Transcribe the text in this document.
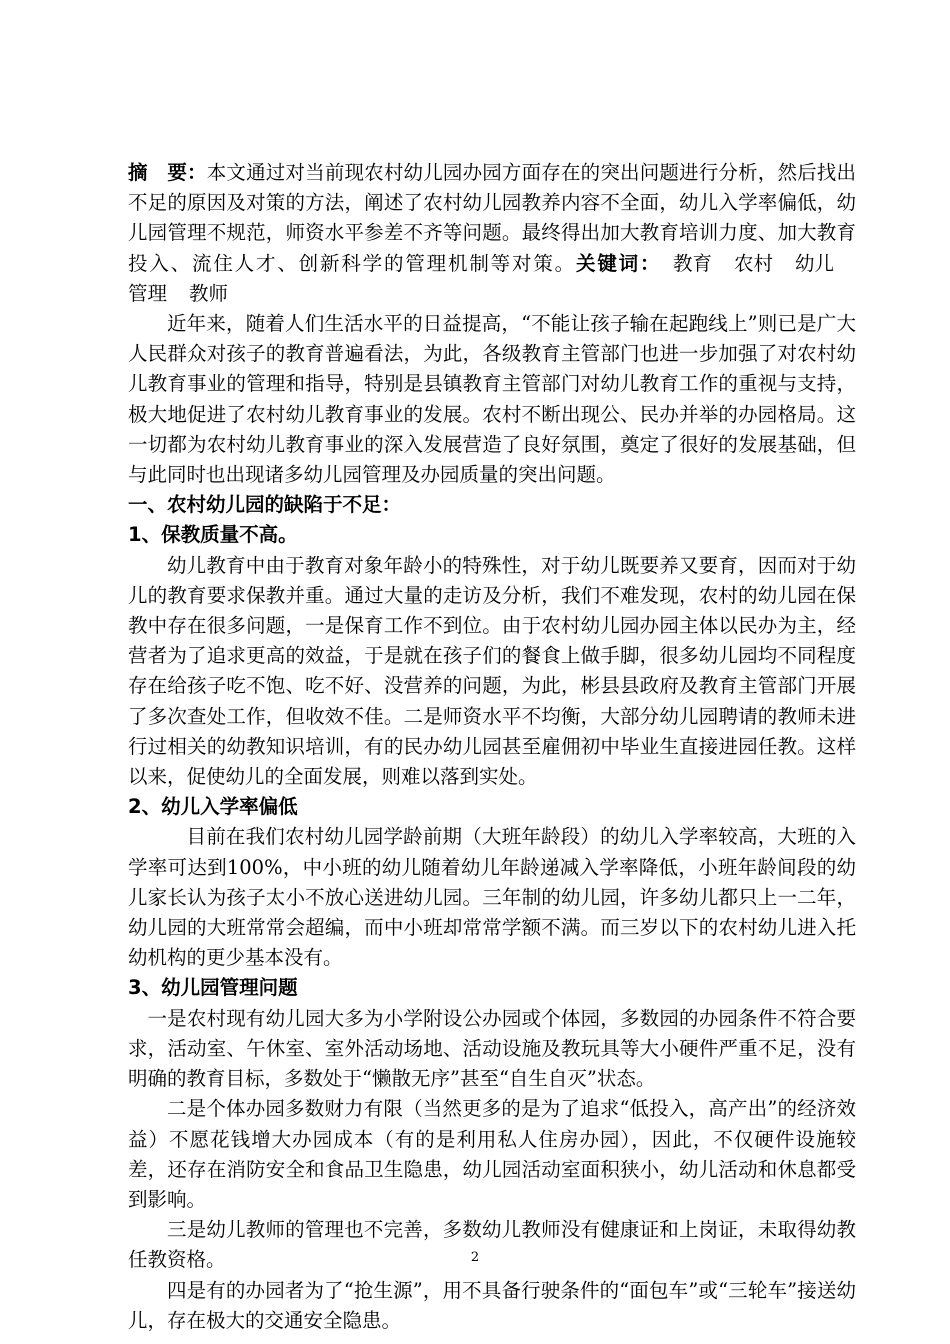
摘　要：本文通过对当前现农村幼儿园办园方面存在的突出问题进行分析，然后找出不足的原因及对策的方法，阐述了农村幼儿园教养内容不全面，幼儿入学率偏低，幼儿园管理不规范，师资水平参差不齐等问题。最终得出加大教育培训力度、加大教育投入、流住人才、创新科学的管理机制等对策。关键词：　 教育 农村 幼儿管理 教师

近年来，随着人们生活水平的日益提高，“不能让孩子输在起跑线上”则已是广大人民群众对孩子的教育普遍看法，为此，各级教育主管部门也进一步加强了对农村幼儿教育事业的管理和指导，特别是县镇教育主管部门对幼儿教育工作的重视与支持，极大地促进了农村幼儿教育事业的发展。农村不断出现公、民办并举的办园格局。这一切都为农村幼儿教育事业的深入发展营造了良好氛围，奠定了很好的发展基础，但与此同时也出现诸多幼儿园管理及办园质量的突出问题。

一、农村幼儿园的缺陷于不足：

1、保教质量不高。

幼儿教育中由于教育对象年龄小的特殊性，对于幼儿既要养又要育，因而对于幼儿的教育要求保教并重。通过大量的走访及分析，我们不难发现，农村的幼儿园在保教中存在很多问题，一是保育工作不到位。由于农村幼儿园办园主体以民办为主，经营者为了追求更高的效益，于是就在孩子们的餐食上做手脚，很多幼儿园均不同程度存在给孩子吃不饱、吃不好、没营养的问题，为此，彬县县政府及教育主管部门开展了多次查处工作，但收效不佳。二是师资水平不均衡，大部分幼儿园聘请的教师未进行过相关的幼教知识培训，有的民办幼儿园甚至雇佣初中毕业生直接进园任教。这样以来，促使幼儿的全面发展，则难以落到实处。

2、幼儿入学率偏低

目前在我们农村幼儿园学龄前期（大班年龄段）的幼儿入学率较高，大班的入学率可达到100%，中小班的幼儿随着幼儿年龄递减入学率降低，小班年龄间段的幼儿家长认为孩子太小不放心送进幼儿园。三年制的幼儿园，许多幼儿都只上一二年，幼儿园的大班常常会超编，而中小班却常常学额不满。而三岁以下的农村幼儿进入托幼机构的更少基本没有。

3、幼儿园管理问题

一是农村现有幼儿园大多为小学附设公办园或个体园，多数园的办园条件不符合要求，活动室、午休室、室外活动场地、活动设施及教玩具等大小硬件严重不足，没有明确的教育目标，多数处于“懒散无序”甚至“自生自灭”状态。

二是个体办园多数财力有限（当然更多的是为了追求“低投入，高产出”的经济效益）不愿花钱增大办园成本（有的是利用私人住房办园），因此，不仅硬件设施较差，还存在消防安全和食品卫生隐患，幼儿园活动室面积狭小，幼儿活动和休息都受到影响。

三是幼儿教师的管理也不完善，多数幼儿教师没有健康证和上岗证，未取得幼教任教资格。

四是有的办园者为了“抢生源”，用不具备行驶条件的“面包车”或“三轮车”接送幼儿，存在极大的交通安全隐患。

2
